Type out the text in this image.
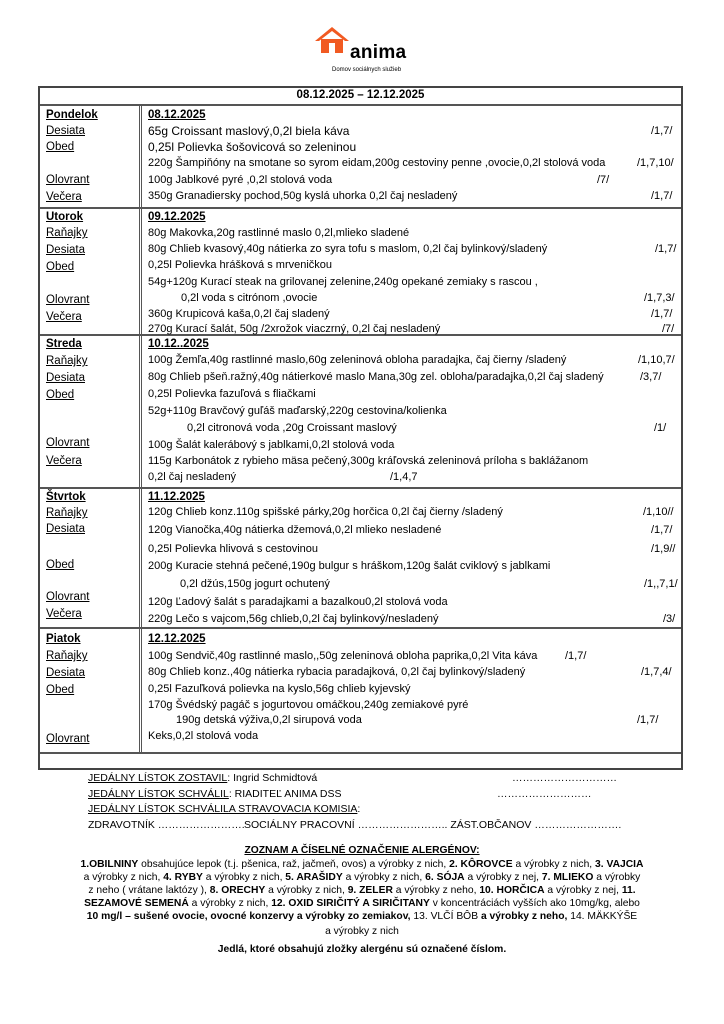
anima
Domov sociálnych služieb
08.12.2025 – 12.12.2025
Pondelok
Desiata
Obed
Olovrant
Večera
08.12.2025
65g Croissant maslový,0,2l biela káva
0,25l Polievka šošovicová so zeleninou
220g Šampiňóny na smotane so syrom eidam,200g cestoviny penne ,ovocie,0,2l stolová voda
100g Jablkové pyré ,0,2l stolová voda
350g Granadiersky pochod,50g kyslá uhorka 0,2l čaj nesladený
/1,7/
/1,7,10/
/7/
/1,7/
Utorok
Raňajky
Desiata
Obed
Olovrant
Večera
09.12.2025
80g Makovka,20g rastlinné maslo 0,2l,mlieko sladené
80g Chlieb kvasový,40g nátierka zo syra tofu s maslom, 0,2l čaj bylinkový/sladený
0,25l Polievka hrášková s mrveničkou
54g+120g Kurací steak na grilovanej zelenine,240g opekané zemiaky s rascou ,
0,2l voda s citrónom ,ovocie
360g Krupicová kaša,0,2l čaj sladený
270g Kurací šalát, 50g /2xrožok viaczrný, 0,2l čaj nesladený
/1,7/
/1,7,3/
/1,7/
/7/
Streda
Raňajky
Desiata
Obed
Olovrant
Večera
10.12..2025
100g Žemľa,40g rastlinné maslo,60g zeleninová obloha paradajka, čaj čierny /sladený
80g Chlieb pšeň.ražný,40g nátierkové maslo Mana,30g zel. obloha/paradajka,0,2l čaj sladený
0,25l Polievka fazuľová s fliačkami
52g+110g Bravčový guľáš maďarský,220g cestovina/kolienka
0,2l citronová voda ,20g Croissant maslový
100g Šalát kalerábový s jablkami,0,2l stolová voda
115g Karbonátok z rybieho mäsa pečený,300g kráľovská zeleninová príloha s baklážanom
0,2l čaj nesladený
/1,10,7/
/3,7/
/1/
/1,4,7
Štvrtok
Raňajky
Desiata
Obed
Olovrant
Večera
11.12.2025
120g Chlieb konz.110g spišské párky,20g horčica 0,2l čaj čierny /sladený
120g Vianočka,40g nátierka džemová,0,2l mlieko nesladené
0,25l Polievka hlivová s cestovinou
200g Kuracie stehná pečené,190g bulgur s hráškom,120g šalát cviklový s jablkami
0,2l džús,150g jogurt ochutený
120g Ľadový šalát s paradajkami a bazalkou0,2l stolová voda
220g Lečo s vajcom,56g chlieb,0,2l čaj bylinkový/nesladený
/1,10//
/1,7/
/1,9//
/1,,7,1/
/3/
Piatok
Raňajky
Desiata
Obed
Olovrant
12.12.2025
100g Sendvič,40g rastlinné maslo,,50g zeleninová obloha paprika,0,2l Vita káva
80g Chlieb konz.,40g nátierka rybacia paradajková, 0,2l čaj bylinkový/sladený
0,25l Fazuľková polievka na kyslo,56g chlieb kyjevský
170g Švédský pagáč s jogurtovou omáčkou,240g zemiakové pyré
190g detská výživa,0,2l sirupová voda
Keks,0,2l stolová voda
/1,7/
/1,7,4/
/1,7/
JEDÁLNY LÍSTOK ZOSTAVIL: Ingrid Schmidtová	…………………………
JEDÁLNY LÍSTOK SCHVÁLIL: RIADITEĽ ANIMA DSS	………………………
JEDÁLNY LÍSTOK SCHVÁLILA STRAVOVACIA KOMISIA:
ZDRAVOTNÍK ……………………. SOCIÁLNY PRACOVNÍ …………………….. ZÁST.OBČANOV …………………….
ZOZNAM A ČÍSELNÉ OZNAČENIE ALERGÉNOV:
1.OBILNINY obsahujúce lepok (t.j. pšenica, raž, jačmeň, ovos) a výrobky z nich, 2. KÔROVCE a výrobky z nich, 3. VAJCIA
a výrobky z nich, 4. RYBY a výrobky z nich, 5. ARAŠIDY a výrobky z nich, 6. SÓJA a výrobky z nej, 7. MLIEKO a výrobky
z neho ( vrátane laktózy ), 8. ORECHY a výrobky z nich, 9. ZELER a výrobky z neho, 10. HORČICA a výrobky z nej, 11.
SEZAMOVÉ SEMENÁ a výrobky z nich, 12. OXID SIRIČITÝ A SIRIČITANY v koncentráciách vyšších ako 10mg/kg, alebo
10 mg/l – sušené ovocie, ovocné konzervy a výrobky zo zemiakov, 13. VLČÍ BÔB a výrobky z neho, 14. MÄKKÝŠE
a výrobky z nich
Jedlá, ktoré obsahujú zložky alergénu sú označené číslom.
